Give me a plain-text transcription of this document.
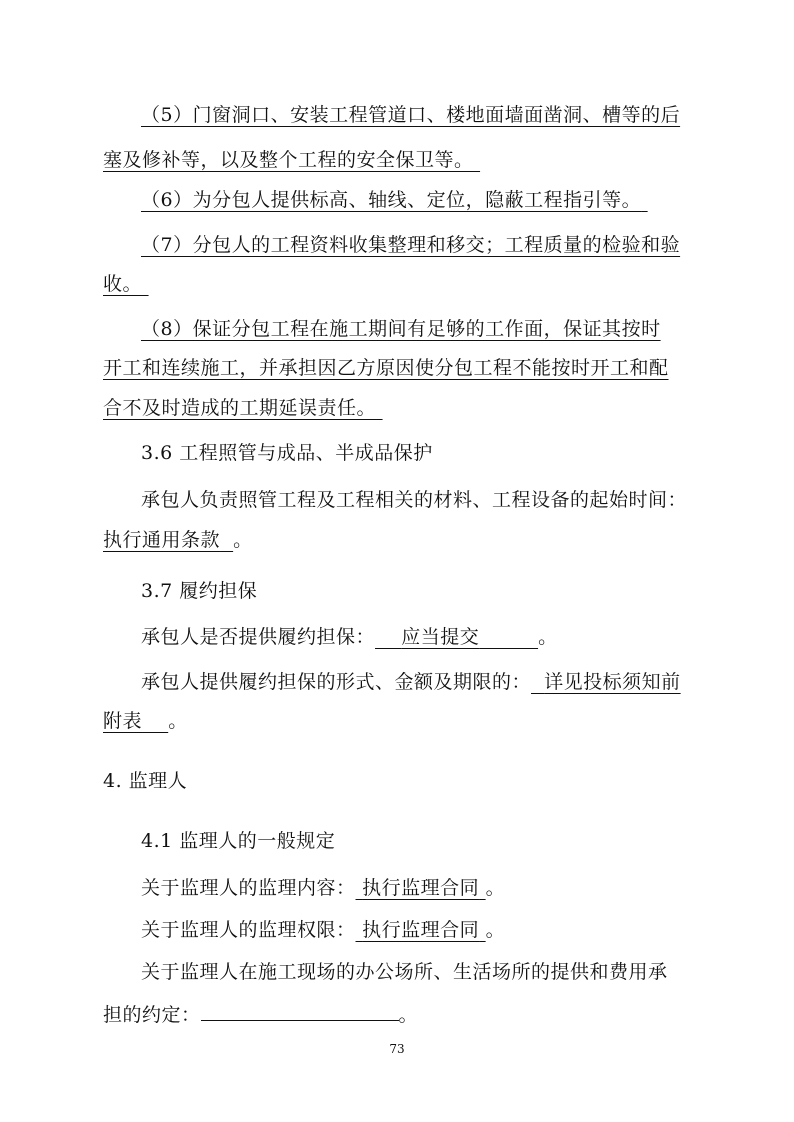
（5）门窗洞口、安装工程管道口、楼地面墙面凿洞、槽等的后
塞及修补等，以及整个工程的安全保卫等。
（6）为分包人提供标高、轴线、定位，隐蔽工程指引等。
（7）分包人的工程资料收集整理和移交；工程质量的检验和验
收。
（8）保证分包工程在施工期间有足够的工作面，保证其按时
开工和连续施工，并承担因乙方原因使分包工程不能按时开工和配
合不及时造成的工期延误责任。
3.6 工程照管与成品、半成品保护
承包人负责照管工程及工程相关的材料、工程设备的起始时间：
执行通用条款 。
3.7 履约担保
承包人是否提供履约担保： 应当提交	。
承包人提供履约担保的形式、金额及期限的： 详见投标须知前
附表 。
4. 监理人
4.1 监理人的一般规定
关于监理人的监理内容： 执行监理合同 。
关于监理人的监理权限： 执行监理合同 。
关于监理人在施工现场的办公场所、生活场所的提供和费用承
担的约定：	。
73
